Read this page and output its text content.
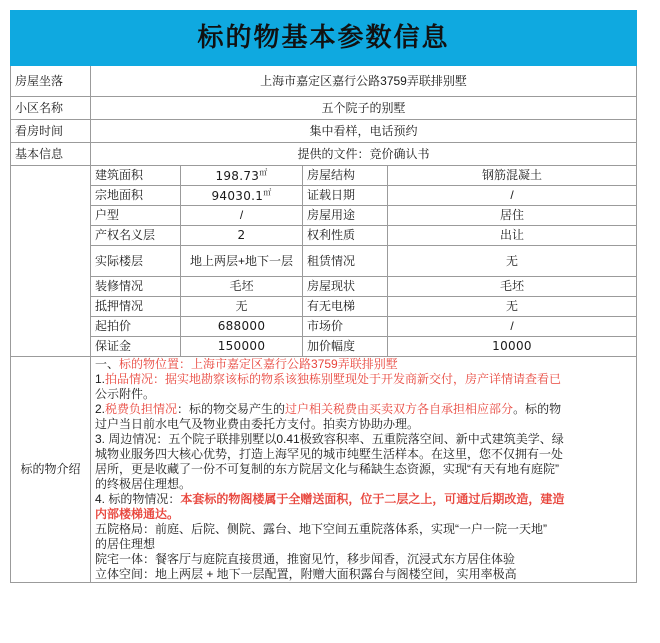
标的物基本参数信息				

房屋坐落	上海市嘉定区嘉行公路3759弄联排别墅			
小区名称	五个院子的别墅			
看房时间	集中看样，电话预约			
基本信息	提供的文件：竞价确认书			
	建筑面积	198.73㎡	房屋结构	钢筋混凝土
	宗地面积	94030.1㎡	证载日期	/
	户型	/	房屋用途	居住
	产权名义层	2	权利性质	出让
	实际楼层	地上两层+地下一层	租赁情况	无
	装修情况	毛坯	房屋现状	毛坯
	抵押情况	无	有无电梯	无
	起拍价	688000	市场价	/
	保证金	150000	加价幅度	10000
标的物介绍	
一、标的物位置：上海市嘉定区嘉行公路3759弄联排别墅
1.拍品情况：据实地勘察该标的物系该独栋别墅现处于开发商新交付，房产详情请查看已
公示附件。
2.税费负担情况：标的物交易产生的过户相关税费由买卖双方各自承担相应部分。标的物
过户当日前水电气及物业费由委托方支付。拍卖方协助办理。
3. 周边情况：五个院子联排别墅以0.41极致容积率、五重院落空间、新中式建筑美学、绿
城物业服务四大核心优势，打造上海罕见的城市纯墅生活样本。在这里，您不仅拥有一处
居所，更是收藏了一份不可复制的东方院居文化与稀缺生态资源，实现“有天有地有庭院”
的终极居住理想。
4. 标的物情况：本套标的物阁楼属于全赠送面积，位于二层之上，可通过后期改造，建造
内部楼梯通达。
五院格局：前庭、后院、侧院、露台、地下空间五重院落体系，实现“一户一院一天地”
的居住理想
院宅一体：餐客厅与庭院直接贯通，推窗见竹，移步闻香，沉浸式东方居住体验
立体空间：地上两层 + 地下一层配置，附赠大面积露台与阁楼空间，实用率极高
